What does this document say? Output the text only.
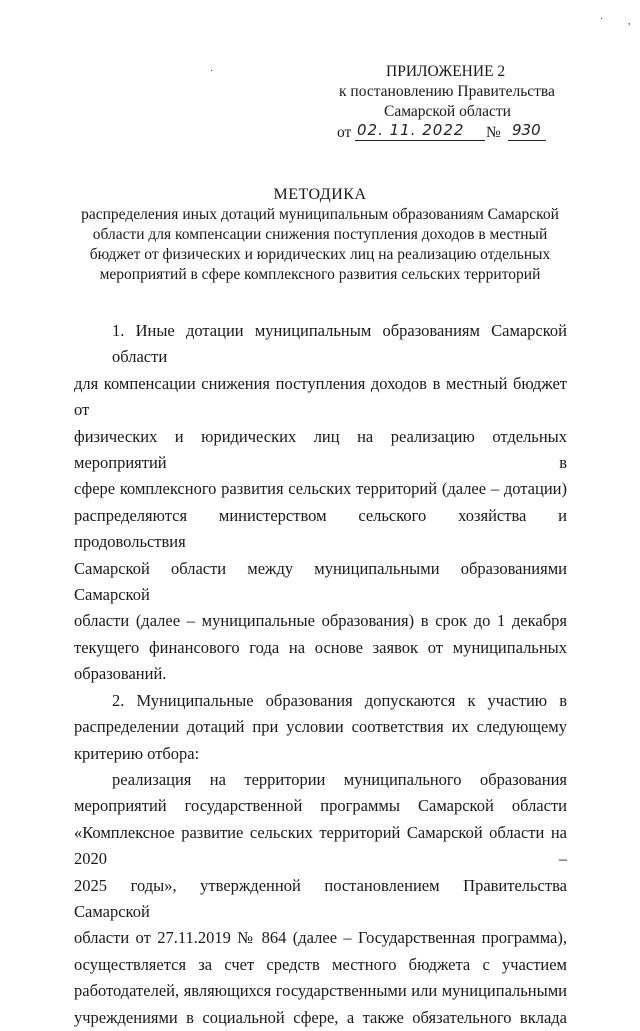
ПРИЛОЖЕНИЕ 2
к постановлению Правительства
Самарской области
от 02. 11. 2022 № 930
МЕТОДИКА
распределения иных дотаций муниципальным образованиям Самарской
области для компенсации снижения поступления доходов в местный
бюджет от физических и юридических лиц на реализацию отдельных
мероприятий в сфере комплексного развития сельских территорий

1. Иные дотации муниципальным образованиям Самарской области

для компенсации снижения поступления доходов в местный бюджет от

физических и юридических лиц на реализацию отдельных мероприятий в

сфере комплексного развития сельских территорий (далее – дотации)

распределяются министерством сельского хозяйства и продовольствия

Самарской области между муниципальными образованиями Самарской

области (далее – муниципальные образования) в срок до 1 декабря

текущего финансового года на основе заявок от муниципальных

образований.

2. Муниципальные образования допускаются к участию в

распределении дотаций при условии соответствия их следующему

критерию отбора:

реализация на территории муниципального образования

мероприятий государственной программы Самарской области

«Комплексное развитие сельских территорий Самарской области на 2020 –

2025 годы», утвержденной постановлением Правительства Самарской

области от 27.11.2019 № 864 (далее – Государственная программа),

осуществляется за счет средств местного бюджета с участием

работодателей, являющихся государственными или муниципальными

учреждениями в социальной сфере, а также обязательного вклада

· ,
·
